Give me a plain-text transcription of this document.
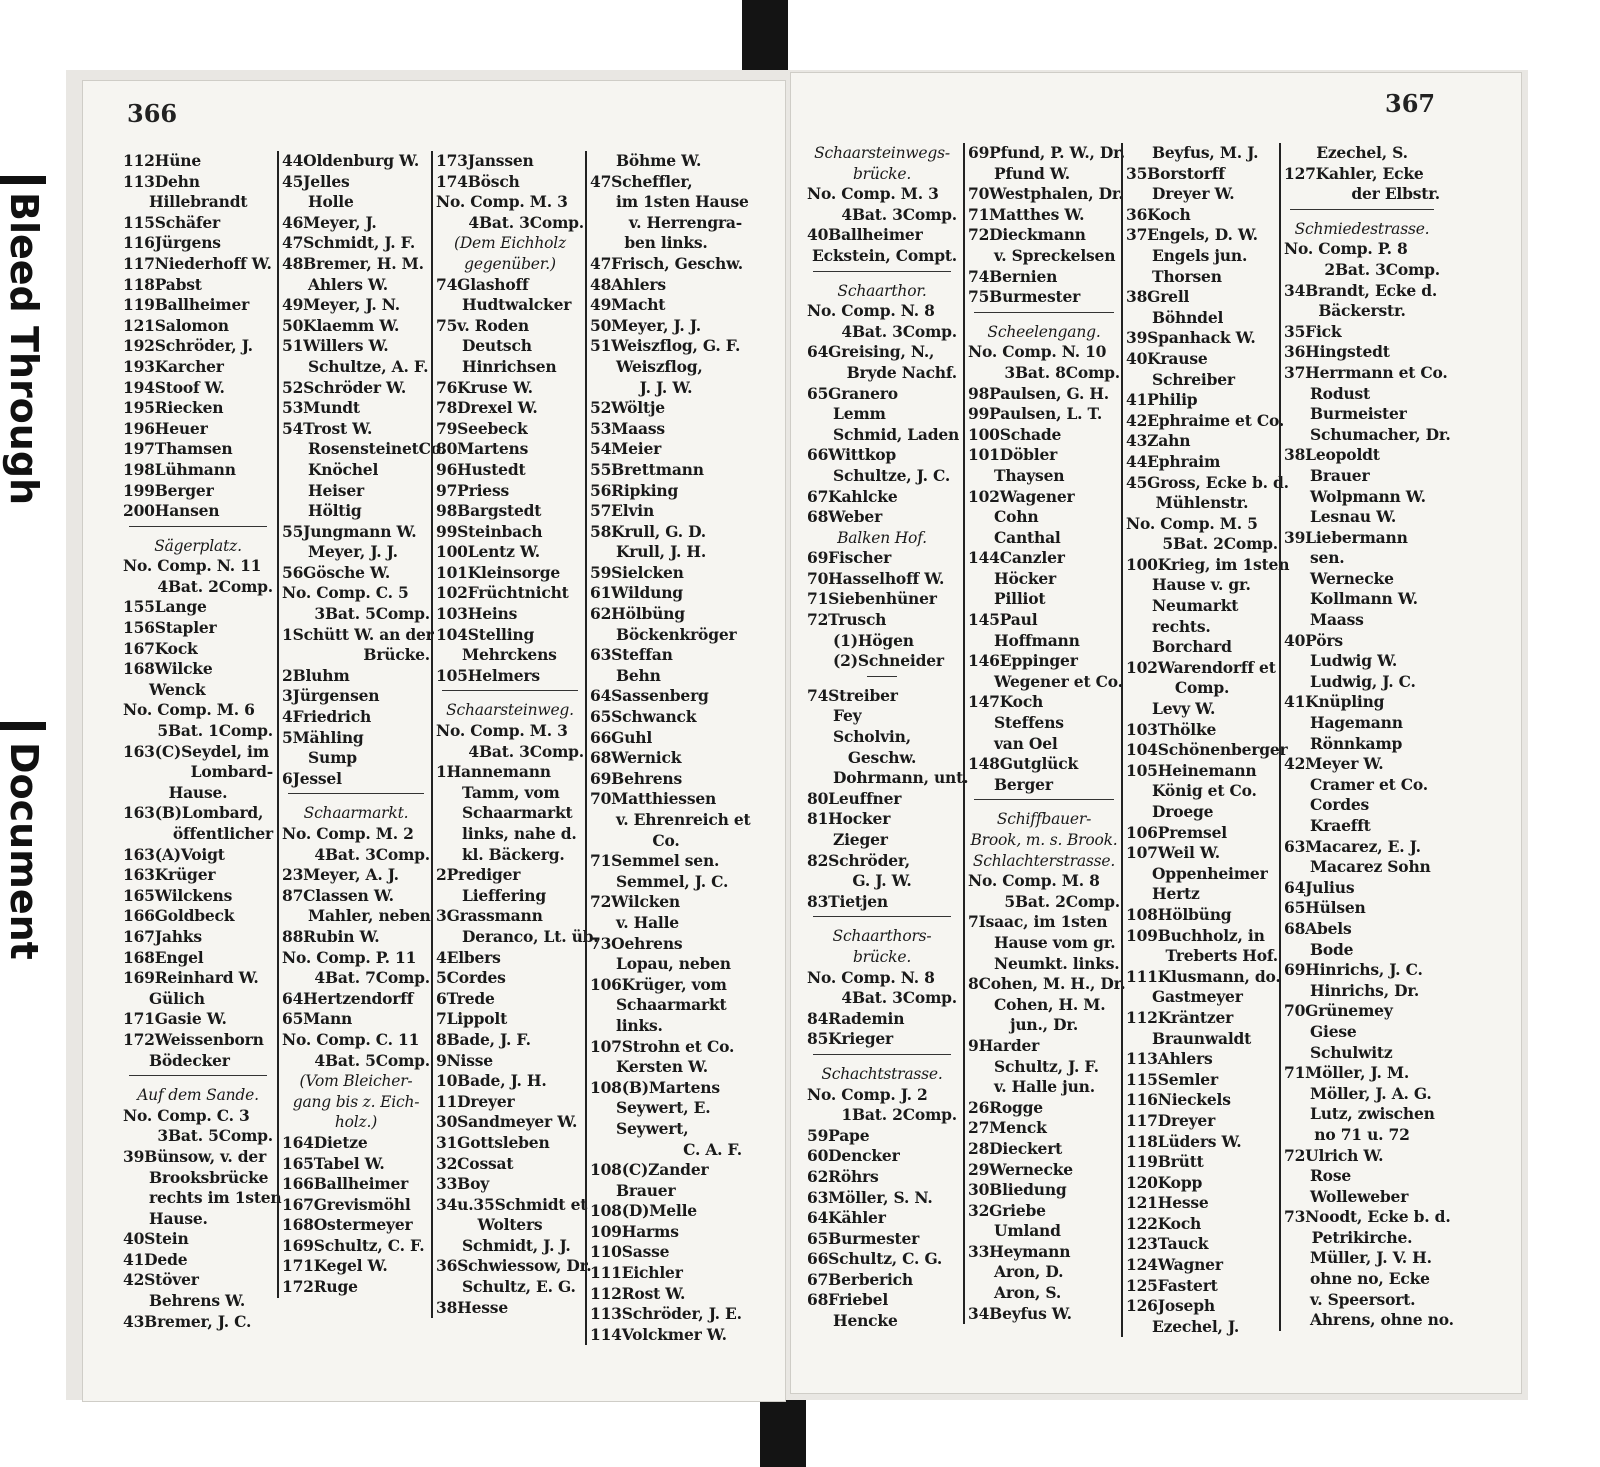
Bleed Through
Document
366
112Hüne
113Dehn
Hillebrandt
115Schäfer
116Jürgens
117Niederhoff W.
118Pabst
119Ballheimer
121Salomon
192Schröder, J.
193Karcher
194Stoof W.
195Riecken
196Heuer
197Thamsen
198Lühmann
199Berger
200Hansen
Sägerplatz.
No. Comp. N. 11
4Bat. 2Comp.
155Lange
156Stapler
167Kock
168Wilcke
Wenck
No. Comp. M. 6
5Bat. 1Comp.
163(C)Seydel, im
Lombard-
Hause.
163(B)Lombard,
öffentlicher
163(A)Voigt
163Krüger
165Wilckens
166Goldbeck
167Jahks
168Engel
169Reinhard W.
Gülich
171Gasie W.
172Weissenborn
Bödecker
Auf dem Sande.
No. Comp. C. 3
3Bat. 5Comp.
39Bünsow, v. der
Brooksbrücke
rechts im 1sten
Hause.
40Stein
41Dede
42Stöver
Behrens W.
43Bremer, J. C.
44Oldenburg W.
45Jelles
Holle
46Meyer, J.
47Schmidt, J. F.
48Bremer, H. M.
Ahlers W.
49Meyer, J. N.
50Klaemm W.
51Willers W.
Schultze, A. F.
52Schröder W.
53Mundt
54Trost W.
RosensteinetCo.
Knöchel
Heiser
Höltig
55Jungmann W.
Meyer, J. J.
56Gösche W.
No. Comp. C. 5
3Bat. 5Comp.
1Schütt W. an der
Brücke.
2Bluhm
3Jürgensen
4Friedrich
5Mähling
Sump
6Jessel
Schaarmarkt.
No. Comp. M. 2
4Bat. 3Comp.
23Meyer, A. J.
87Classen W.
Mahler, neben
88Rubin W.
No. Comp. P. 11
4Bat. 7Comp.
64Hertzendorff
65Mann
No. Comp. C. 11
4Bat. 5Comp.
(Vom Bleicher-
gang bis z. Eich-
holz.)
164Dietze
165Tabel W.
166Ballheimer
167Grevismöhl
168Ostermeyer
169Schultz, C. F.
171Kegel W.
172Ruge
173Janssen
174Bösch
No. Comp. M. 3
4Bat. 3Comp.
(Dem Eichholz
gegenüber.)
74Glashoff
Hudtwalcker
75v. Roden
Deutsch
Hinrichsen
76Kruse W.
78Drexel W.
79Seebeck
80Martens
96Hustedt
97Priess
98Bargstedt
99Steinbach
100Lentz W.
101Kleinsorge
102Früchtnicht
103Heins
104Stelling
Mehrckens
105Helmers
Schaarsteinweg.
No. Comp. M. 3
4Bat. 3Comp.
1Hannemann
Tamm, vom
Schaarmarkt
links, nahe d.
kl. Bäckerg.
2Prediger
Lieffering
3Grassmann
Deranco, Lt. üb.
4Elbers
5Cordes
6Trede
7Lippolt
8Bade, J. F.
9Nisse
10Bade, J. H.
11Dreyer
30Sandmeyer W.
31Gottsleben
32Cossat
33Boy
34u.35Schmidt et
Wolters
Schmidt, J. J.
36Schwiessow, Dr.
Schultz, E. G.
38Hesse
Böhme W.
47Scheffler,
im 1sten Hause
v. Herrengra-
ben links.
47Frisch, Geschw.
48Ahlers
49Macht
50Meyer, J. J.
51Weiszflog, G. F.
Weiszflog,
J. J. W.
52Wöltje
53Maass
54Meier
55Brettmann
56Ripking
57Elvin
58Krull, G. D.
Krull, J. H.
59Sielcken
61Wildung
62Hölbüng
Böckenkröger
63Steffan
Behn
64Sassenberg
65Schwanck
66Guhl
68Wernick
69Behrens
70Matthiessen
v. Ehrenreich et
Co.
71Semmel sen.
Semmel, J. C.
72Wilcken
v. Halle
73Oehrens
Lopau, neben
106Krüger, vom
Schaarmarkt
links.
107Strohn et Co.
Kersten W.
108(B)Martens
Seywert, E.
Seywert,
C. A. F.
108(C)Zander
Brauer
108(D)Melle
109Harms
110Sasse
111Eichler
112Rost W.
113Schröder, J. E.
114Volckmer W.
367
Schaarsteinwegs-
brücke.
No. Comp. M. 3
4Bat. 3Comp.
40Ballheimer
Eckstein, Compt.
Schaarthor.
No. Comp. N. 8
4Bat. 3Comp.
64Greising, N.,
Bryde Nachf.
65Granero
Lemm
Schmid, Laden
66Wittkop
Schultze, J. C.
67Kahlcke
68Weber
Balken Hof.
69Fischer
70Hasselhoff W.
71Siebenhüner
72Trusch
(1)Högen
(2)Schneider
74Streiber
Fey
Scholvin,
Geschw.
Dohrmann, unt.
80Leuffner
81Hocker
Zieger
82Schröder,
G. J. W.
83Tietjen
Schaarthors-
brücke.
No. Comp. N. 8
4Bat. 3Comp.
84Rademin
85Krieger
Schachtstrasse.
No. Comp. J. 2
1Bat. 2Comp.
59Pape
60Dencker
62Röhrs
63Möller, S. N.
64Kähler
65Burmester
66Schultz, C. G.
67Berberich
68Friebel
Hencke
69Pfund, P. W., Dr.
Pfund W.
70Westphalen, Dr.
71Matthes W.
72Dieckmann
v. Spreckelsen
74Bernien
75Burmester
Scheelengang.
No. Comp. N. 10
3Bat. 8Comp.
98Paulsen, G. H.
99Paulsen, L. T.
100Schade
101Döbler
Thaysen
102Wagener
Cohn
Canthal
144Canzler
Höcker
Pilliot
145Paul
Hoffmann
146Eppinger
Wegener et Co.
147Koch
Steffens
van Oel
148Gutglück
Berger
Schiffbauer-
Brook, m. s. Brook.
Schlachterstrasse.
No. Comp. M. 8
5Bat. 2Comp.
7Isaac, im 1sten
Hause vom gr.
Neumkt. links.
8Cohen, M. H., Dr.
Cohen, H. M.
jun., Dr.
9Harder
Schultz, J. F.
v. Halle jun.
26Rogge
27Menck
28Dieckert
29Wernecke
30Bliedung
32Griebe
Umland
33Heymann
Aron, D.
Aron, S.
34Beyfus W.
Beyfus, M. J.
35Borstorff
Dreyer W.
36Koch
37Engels, D. W.
Engels jun.
Thorsen
38Grell
Böhndel
39Spanhack W.
40Krause
Schreiber
41Philip
42Ephraime et Co.
43Zahn
44Ephraim
45Gross, Ecke b. d.
Mühlenstr.
No. Comp. M. 5
5Bat. 2Comp.
100Krieg, im 1sten
Hause v. gr.
Neumarkt
rechts.
Borchard
102Warendorff et
Comp.
Levy W.
103Thölke
104Schönenberger
105Heinemann
König et Co.
Droege
106Premsel
107Weil W.
Oppenheimer
Hertz
108Hölbüng
109Buchholz, in
Treberts Hof.
111Klusmann, do.
Gastmeyer
112Kräntzer
Braunwaldt
113Ahlers
115Semler
116Nieckels
117Dreyer
118Lüders W.
119Brütt
120Kopp
121Hesse
122Koch
123Tauck
124Wagner
125Fastert
126Joseph
Ezechel, J.
Ezechel, S.
127Kahler, Ecke
der Elbstr.
Schmiedestrasse.
No. Comp. P. 8
2Bat. 3Comp.
34Brandt, Ecke d.
Bäckerstr.
35Fick
36Hingstedt
37Herrmann et Co.
Rodust
Burmeister
Schumacher, Dr.
38Leopoldt
Brauer
Wolpmann W.
Lesnau W.
39Liebermann
sen.
Wernecke
Kollmann W.
Maass
40Pörs
Ludwig W.
Ludwig, J. C.
41Knüpling
Hagemann
Rönnkamp
42Meyer W.
Cramer et Co.
Cordes
Kraefft
63Macarez, E. J.
Macarez Sohn
64Julius
65Hülsen
68Abels
Bode
69Hinrichs, J. C.
Hinrichs, Dr.
70Grünemey
Giese
Schulwitz
71Möller, J. M.
Möller, J. A. G.
Lutz, zwischen
no 71 u. 72
72Ulrich W.
Rose
Wolleweber
73Noodt, Ecke b. d.
Petrikirche.
Müller, J. V. H.
ohne no, Ecke
v. Speersort.
Ahrens, ohne no.
